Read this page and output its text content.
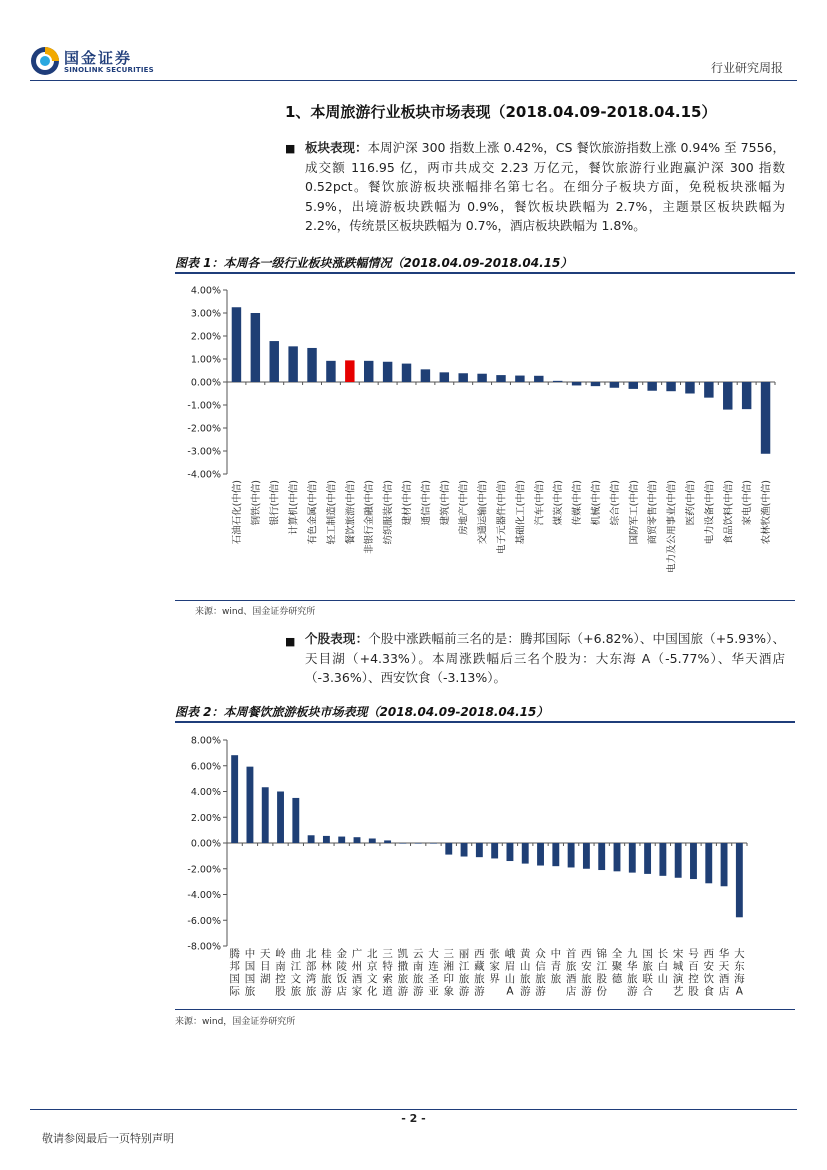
国金证券
SINOLINK SECURITIES	行业研究周报
1、本周旅游行业板块市场表现（2018.04.09-2018.04.15）
■ 板块表现：本周沪深 300 指数上涨 0.42%，CS 餐饮旅游指数上涨 0.94% 至 7556，成交额 116.95 亿，两市共成交 2.23 万亿元，餐饮旅游行业跑赢沪深 300 指数 0.52pct。餐饮旅游板块涨幅排名第七名。在细分子板块方面，免税板块涨幅为 5.9%，出境游板块跌幅为 0.9%，餐饮板块跌幅为 2.7%，主题景区板块跌幅为 2.2%，传统景区板块跌幅为 0.7%，酒店板块跌幅为 1.8%。
图表 1：本周各一级行业板块涨跌幅情况（2018.04.09-2018.04.15）
4.00%
3.00%
2.00%
1.00%
0.00%
-1.00%
-2.00%
-3.00%
-4.00%
石油石化(中信) 钢铁(中信) 银行(中信) 计算机(中信) 有色金属(中信) 轻工制造(中信) 餐饮旅游(中信) 非银行金融(中信) 纺织服装(中信) 建材(中信) 通信(中信) 建筑(中信) 房地产(中信) 交通运输(中信) 电子元器件(中信) 基础化工(中信) 汽车(中信) 煤炭(中信) 传媒(中信) 机械(中信) 综合(中信) 国防军工(中信) 商贸零售(中信) 电力及公用事业(中信) 医药(中信) 电力设备(中信) 食品饮料(中信) 家电(中信) 农林牧渔(中信)
来源：wind、国金证券研究所
■ 个股表现：个股中涨跌幅前三名的是：腾邦国际（+6.82%）、中国国旅（+5.93%）、天目湖（+4.33%）。本周涨跌幅后三名个股为：大东海 A（-5.77%）、华天酒店（-3.36%）、西安饮食（-3.13%）。
图表 2：本周餐饮旅游板块市场表现（2018.04.09-2018.04.15）
8.00%
6.00%
4.00%
2.00%
0.00%
-2.00%
-4.00%
-6.00%
-8.00%
腾邦国际
中国国旅
天目湖
岭南控股
曲江文旅
北部湾旅
桂林旅游
金陵饭店
广州酒家
北京文化
三特索道
凯撒旅游
云南旅游
大连圣亚
三湘印象
丽江旅游
西藏旅游
张家界
峨眉山 A
黄山旅游
众信旅游
中青旅
首旅酒店
西安旅游
锦江股份
全聚德
九华旅游
国旅联合
长白山
宋城演艺
号百控股
西安饮食
华天酒店
大东海 A
来源：wind，国金证券研究所
- 2 -
敬请参阅最后一页特别声明
